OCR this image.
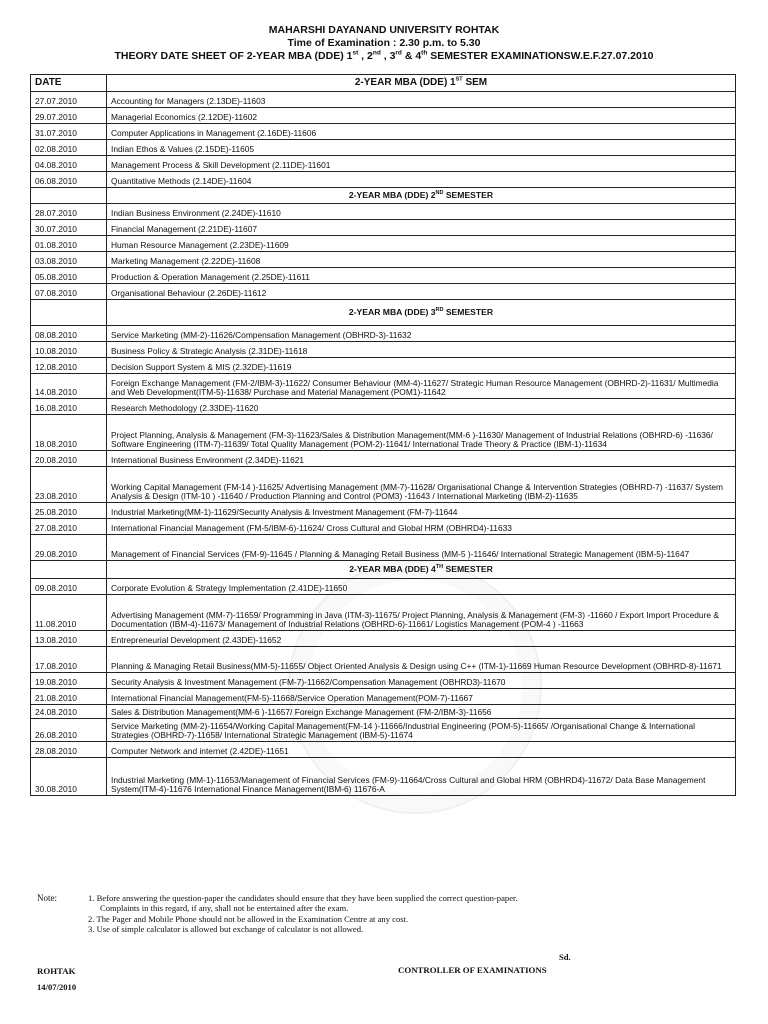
MAHARSHI DAYANAND UNIVERSITY ROHTAK
Time of Examination : 2.30 p.m. to 5.30
THEORY DATE SHEET OF 2-YEAR MBA (DDE) 1st , 2nd , 3rd & 4th SEMESTER EXAMINATIONSW.E.F.27.07.2010
DATE	2-YEAR MBA (DDE) 1ST SEM
27.07.2010	Accounting for Managers (2.13DE)-11603
29.07.2010	Managerial Economics (2.12DE)-11602
31.07.2010	Computer Applications in Management (2.16DE)-11606
02.08.2010	Indian Ethos & Values (2.15DE)-11605
04.08.2010	Management Process & Skill Development (2.11DE)-11601
06.08.2010	Quantitative Methods (2.14DE)-11604
	2-YEAR MBA (DDE) 2ND SEMESTER
28.07.2010	Indian Business Environment (2.24DE)-11610
30.07.2010	Financial Management (2.21DE)-11607
01.08.2010	Human Resource Management (2.23DE)-11609
03.08.2010	Marketing Management (2.22DE)-11608
05.08.2010	Production & Operation Management (2.25DE)-11611
07.08.2010	Organisational Behaviour (2.26DE)-11612
	2-YEAR MBA (DDE) 3RD SEMESTER
08.08.2010	Service Marketing (MM-2)-11626/Compensation Management (OBHRD-3)-11632
10.08.2010	Business Policy & Strategic Analysis (2.31DE)-11618
12.08.2010	Decision Support System & MIS (2.32DE)-11619
14.08.2010	Foreign Exchange Management (FM-2/IBM-3)-11622/ Consumer Behaviour (MM-4)-11627/ Strategic Human Resource Management (OBHRD-2)-11631/ Multimedia and Web Development(ITM-5)-11638/ Purchase and Material Management (POM1)-11642
16.08.2010	Research Methodology (2.33DE)-11620
18.08.2010	Project Planning, Analysis & Management (FM-3)-11623/Sales & Distribution Management(MM-6 )-11630/ Management of Industrial Relations (OBHRD-6) -11636/ Software Engineering (ITM-7)-11639/ Total Quality Management (POM-2)-11641/ International Trade Theory & Practice (IBM-1)-11634
20.08.2010	International Business Environment (2.34DE)-11621
23.08.2010	Working Capital Management (FM-14 )-11625/ Advertising Management (MM-7)-11628/ Organisational Change & Intervention Strategies (OBHRD-7) -11637/ System Analysis & Design (ITM-10 ) -11640 / Production Planning and Control (POM3) -11643 / International Marketing (IBM-2)-11635
25.08.2010	Industrial Marketing(MM-1)-11629/Security Analysis & Investment Management (FM-7)-11644
27.08.2010	International Financial Management (FM-5/IBM-6)-11624/ Cross Cultural and Global HRM (OBHRD4)-11633
29.08.2010	Management of Financial Services (FM-9)-11645 / Planning & Managing Retail Business (MM-5 )-11646/ International Strategic Management (IBM-5)-11647
	2-YEAR MBA (DDE) 4TH SEMESTER
09.08.2010	Corporate Evolution & Strategy Implementation (2.41DE)-11650
11.08.2010	Advertising Management (MM-7)-11659/ Programming in Java (ITM-3)-11675/ Project Planning, Analysis & Management (FM-3) -11660 / Export Import Procedure & Documentation (IBM-4)-11673/ Management of Industrial Relations (OBHRD-6)-11661/ Logistics Management (POM-4 ) -11663
13.08.2010	Entrepreneurial Development (2.43DE)-11652
17.08.2010	Planning & Managing Retail Business(MM-5)-11655/ Object Oriented Analysis & Design using C++ (ITM-1)-11669 Human Resource Development (OBHRD-8)-11671
19.08.2010	Security Analysis & Investment Management (FM-7)-11662/Compensation Management (OBHRD3)-11670
21.08.2010	International Financial Management(FM-5)-11668/Service Operation Management(POM-7)-11667
24.08.2010	Sales & Distribution Management(MM-6 )-11657/ Foreign Exchange Management (FM-2/IBM-3)-11656
26.08.2010	Service Marketing (MM-2)-11654/Working Capital Management(FM-14 )-11666/Industrial Engineering (POM-5)-11665/ /Organisational Change & International Strategies (OBHRD-7)-11658/ International Strategic Management (IBM-5)-11674
28.08.2010	Computer Network and internet (2.42DE)-11651
30.08.2010	Industrial Marketing (MM-1)-11653/Management of Financial Services (FM-9)-11664/Cross Cultural and Global HRM (OBHRD4)-11672/ Data Base Management System(ITM-4)-11676 International Finance Management(IBM-6) 11676-A
Note:	1. Before answering the question-paper the candidates should ensure that they have been supplied the correct question-paper.
Complaints in this regard, if any, shall not be entertained after the exam.
2. The Pager and Mobile Phone should not be allowed in the Examination Centre at any cost.
3. Use of simple calculator is allowed but exchange of calculator is not allowed.
Sd.
CONTROLLER OF EXAMINATIONS
ROHTAK
14/07/2010
